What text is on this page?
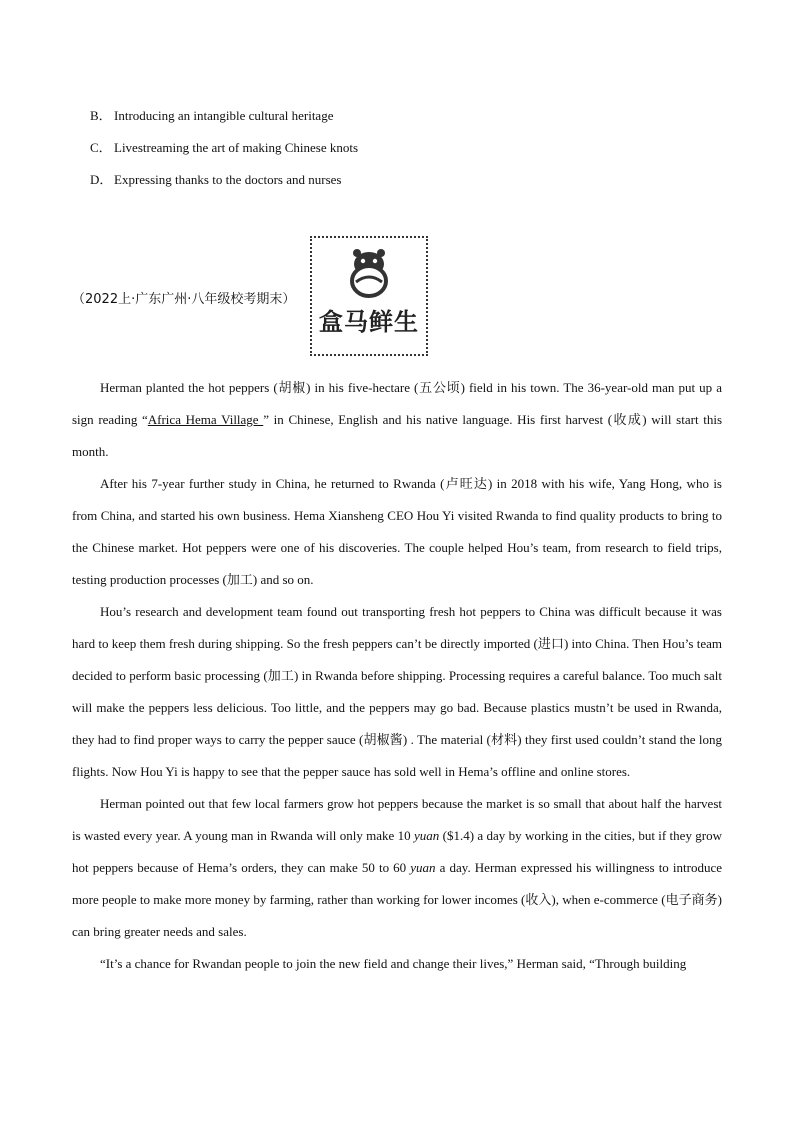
B． Introducing an intangible cultural heritage
C． Livestreaming the art of making Chinese knots
D． Expressing thanks to the doctors and nurses
（2022上·广东广州·八年级校考期末）
盒马鲜生

Herman planted the hot peppers (胡椒) in his five-hectare (五公顷) field in his town. The 36-year-old man put up a sign reading “Africa Hema Village ” in Chinese, English and his native language. His first harvest (收成) will start this month.

After his 7-year further study in China, he returned to Rwanda (卢旺达) in 2018 with his wife, Yang Hong, who is from China, and started his own business. Hema Xiansheng CEO Hou Yi visited Rwanda to find quality products to bring to the Chinese market. Hot peppers were one of his discoveries. The couple helped Hou’s team, from research to field trips, testing production processes (加工) and so on.

Hou’s research and development team found out transporting fresh hot peppers to China was difficult because it was hard to keep them fresh during shipping. So the fresh peppers can’t be directly imported (进口) into China. Then Hou’s team decided to perform basic processing (加工) in Rwanda before shipping. Processing requires a careful balance. Too much salt will make the peppers less delicious. Too little, and the peppers may go bad. Because plastics mustn’t be used in Rwanda, they had to find proper ways to carry the pepper sauce (胡椒酱) . The material (材料) they first used couldn’t stand the long flights. Now Hou Yi is happy to see that the pepper sauce has sold well in Hema’s offline and online stores.

Herman pointed out that few local farmers grow hot peppers because the market is so small that about half the harvest is wasted every year. A young man in Rwanda will only make 10 yuan ($1.4) a day by working in the cities, but if they grow hot peppers because of Hema’s orders, they can make 50 to 60 yuan a day. Herman expressed his willingness to introduce more people to make more money by farming, rather than working for lower incomes (收入), when e-commerce (电子商务) can bring greater needs and sales.

“It’s a chance for Rwandan people to join the new field and change their lives,” Herman said, “Through building
